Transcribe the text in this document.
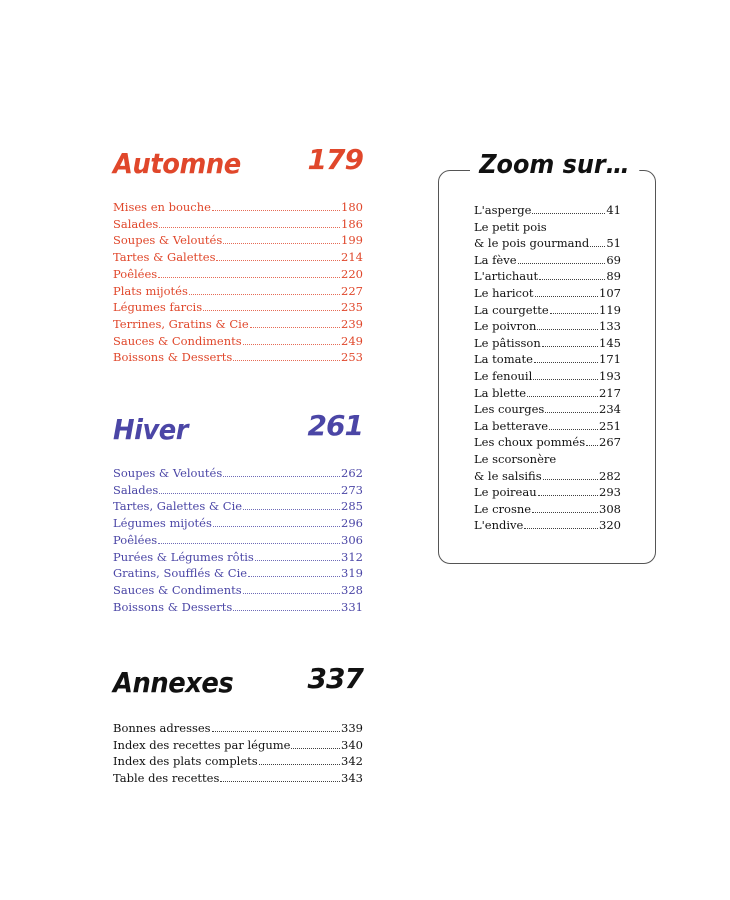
Automne 179
Mises en bouche	180
Salades	186
Soupes & Veloutés	199
Tartes & Galettes	214
Poêlées	220
Plats mijotés	227
Légumes farcis	235
Terrines, Gratins & Cie	239
Sauces & Condiments	249
Boissons & Desserts	253
Hiver	261
Soupes & Veloutés	262
Salades	273
Tartes, Galettes & Cie	285
Légumes mijotés	296
Poêlées	306
Purées & Légumes rôtis	312
Gratins, Soufflés & Cie	319
Sauces & Condiments	328
Boissons & Desserts	331
Annexes	337
Bonnes adresses	339
Index des recettes par légume	340
Index des plats complets	342
Table des recettes	343
Zoom sur…
L'asperge	41
Le petit pois
& le pois gourmand 51
La fève	69
L'artichaut	89
Le haricot	107
La courgette	119
Le poivron	133
Le pâtisson	145
La tomate	171
Le fenouil	193
La blette	217
Les courges	234
La betterave	251
Les choux pommés 267
Le scorsonère
& le salsifis	282
Le poireau	293
Le crosne	308
L'endive	320
